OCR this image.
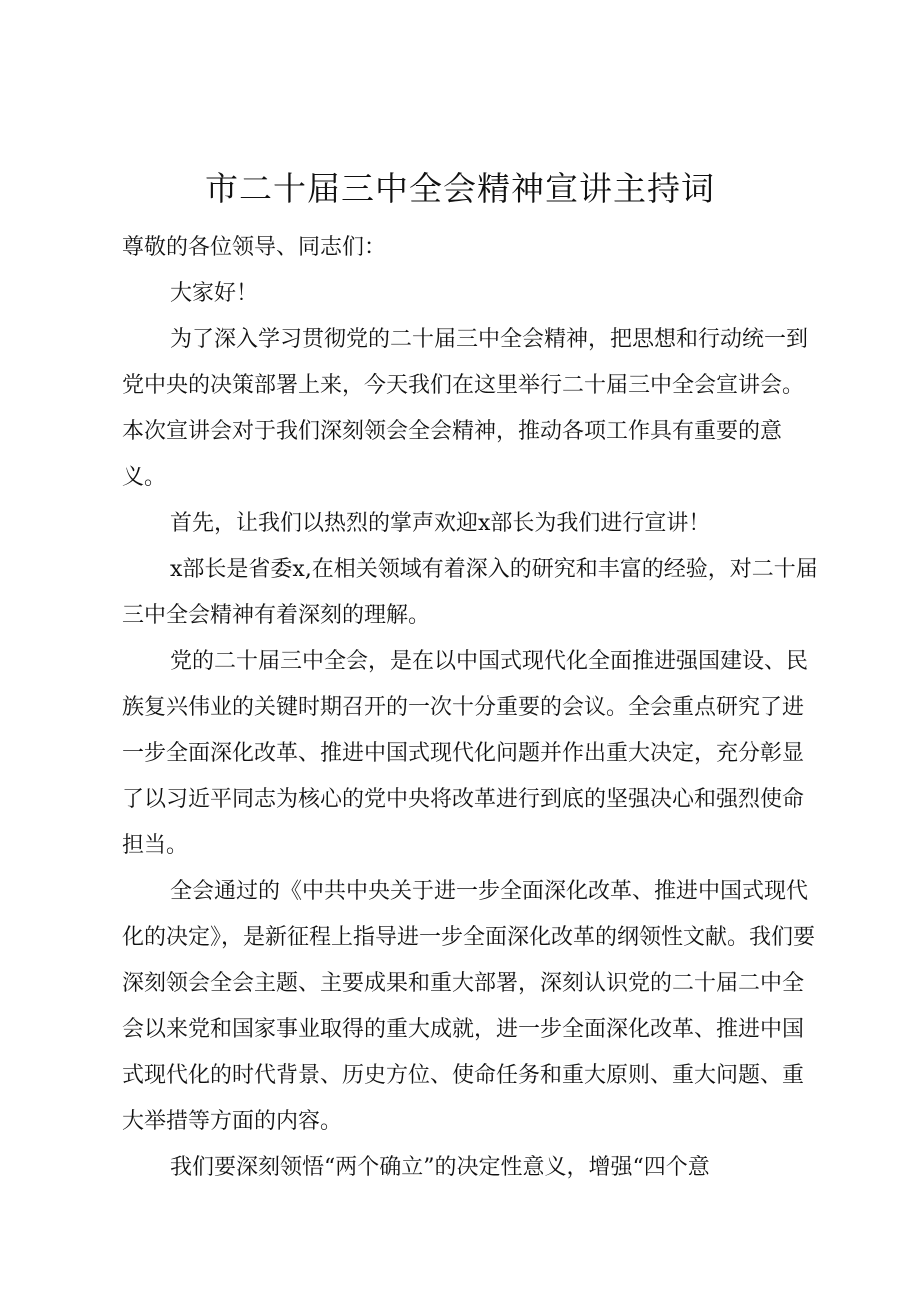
市二十届三中全会精神宣讲主持词

尊敬的各位领导、同志们：

大家好！

为了深入学习贯彻党的二十届三中全会精神，把思想和行动统一到党中央的决策部署上来，今天我们在这里举行二十届三中全会宣讲会。本次宣讲会对于我们深刻领会全会精神，推动各项工作具有重要的意义。

首先，让我们以热烈的掌声欢迎x部长为我们进行宣讲！

x部长是省委x,在相关领域有着深入的研究和丰富的经验，对二十届三中全会精神有着深刻的理解。

党的二十届三中全会，是在以中国式现代化全面推进强国建设、民族复兴伟业的关键时期召开的一次十分重要的会议。全会重点研究了进一步全面深化改革、推进中国式现代化问题并作出重大决定，充分彰显了以习近平同志为核心的党中央将改革进行到底的坚强决心和强烈使命担当。

全会通过的《中共中央关于进一步全面深化改革、推进中国式现代化的决定》，是新征程上指导进一步全面深化改革的纲领性文献。我们要深刻领会全会主题、主要成果和重大部署，深刻认识党的二十届二中全会以来党和国家事业取得的重大成就，进一步全面深化改革、推进中国式现代化的时代背景、历史方位、使命任务和重大原则、重大问题、重大举措等方面的内容。

我们要深刻领悟“两个确立”的决定性意义，增强“四个意
